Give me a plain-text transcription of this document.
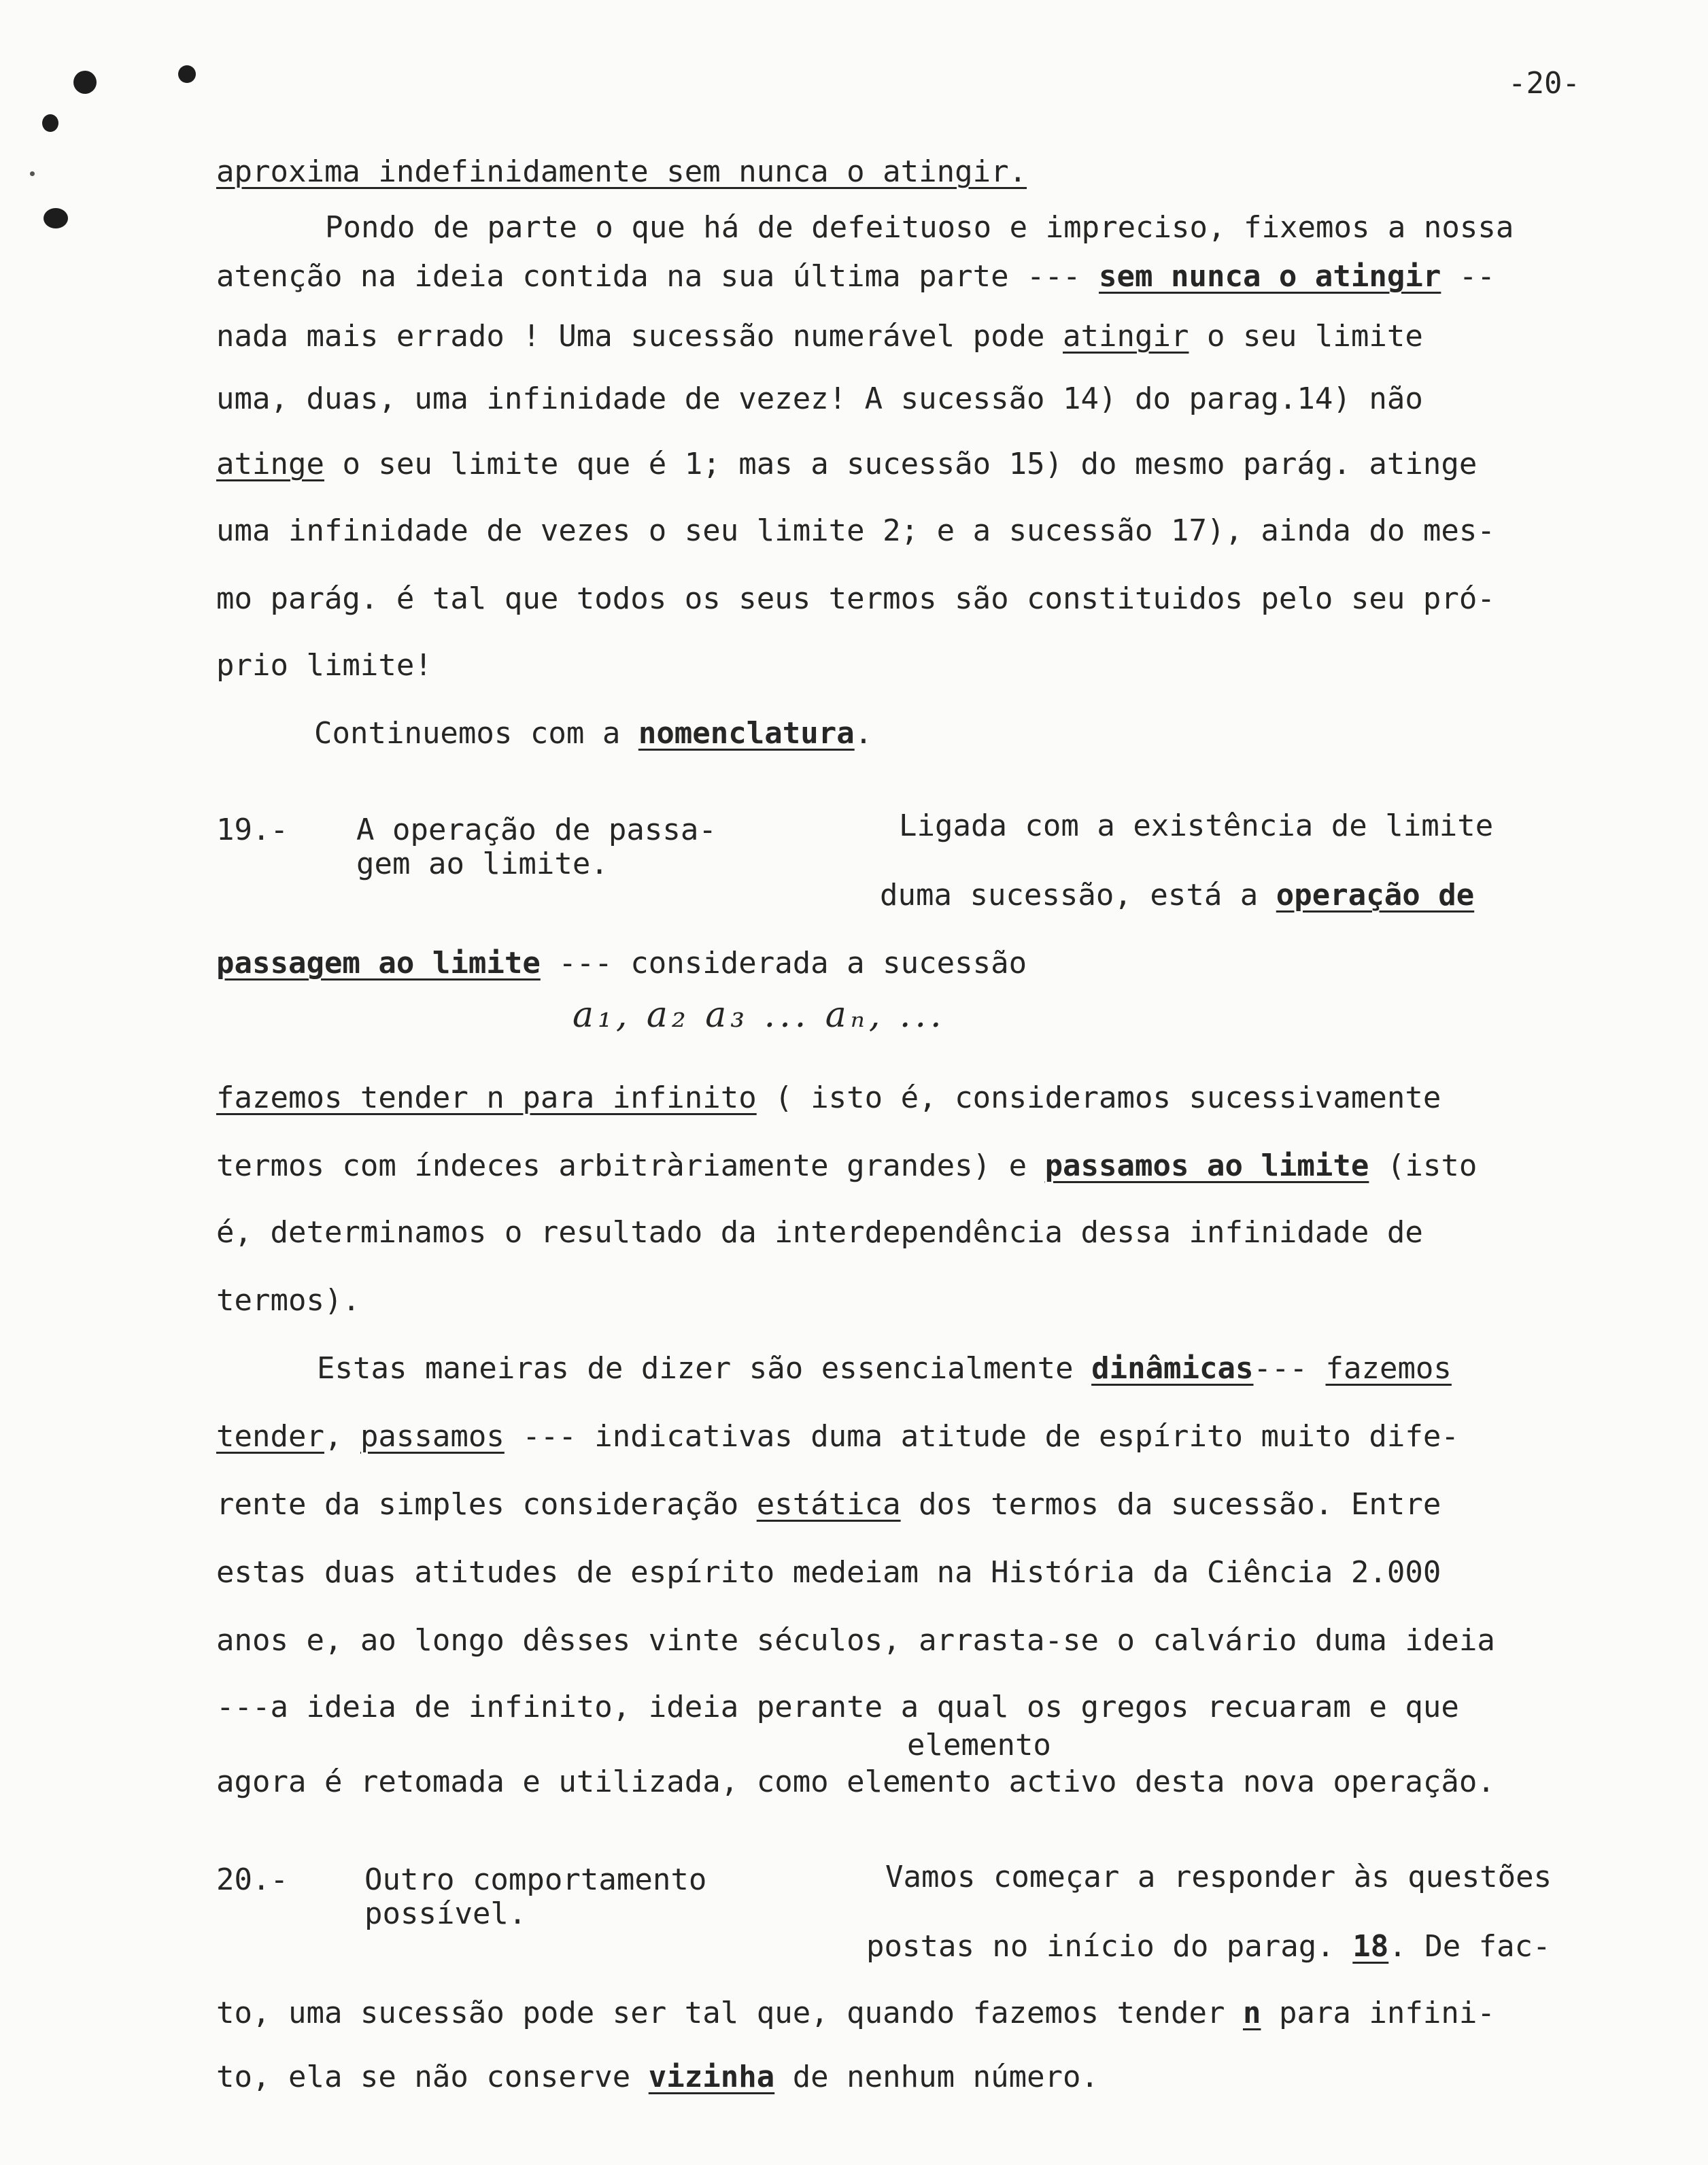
-20-
aproxima indefinidamente sem nunca o atingir.
Pondo de parte o que há de defeituoso e impreciso, fixemos a nossa
atenção na ideia contida na sua última parte --- sem nunca o atingir --
nada mais errado ! Uma sucessão numerável pode atingir o seu limite
uma, duas, uma infinidade de vezez! A sucessão 14) do parag.14) não
atinge o seu limite que é 1; mas a sucessão 15) do mesmo parág. atinge
uma infinidade de vezes o seu limite 2; e a sucessão 17), ainda do mes-
mo parág. é tal que todos os seus termos são constituidos pelo seu pró-
prio limite!
Continuemos com a nomenclatura.
19.- A operação de passa-
gem ao limite.
Ligada com a existência de limite
duma sucessão, está a operação de
passagem ao limite --- considerada a sucessão
a₁, a₂ a₃ ... aₙ, ...
fazemos tender n para infinito ( isto é, consideramos sucessivamente
termos com índeces arbitràriamente grandes) e passamos ao limite (isto
é, determinamos o resultado da interdependência dessa infinidade de
termos).
Estas maneiras de dizer são essencialmente dinâmicas--- fazemos
tender, passamos --- indicativas duma atitude de espírito muito dife-
rente da simples consideração estática dos termos da sucessão. Entre
estas duas atitudes de espírito medeiam na História da Ciência 2.000
anos e, ao longo dêsses vinte séculos, arrasta-se o calvário duma ideia
---a ideia de infinito, ideia perante a qual os gregos recuaram e que
elemento
agora é retomada e utilizada, como elemento activo desta nova operação.
20.-	Outro comportamento
possível.
Vamos começar a responder às questões
postas no início do parag. 18. De fac-
to, uma sucessão pode ser tal que, quando fazemos tender n para infini-
to, ela se não conserve vizinha de nenhum número.
